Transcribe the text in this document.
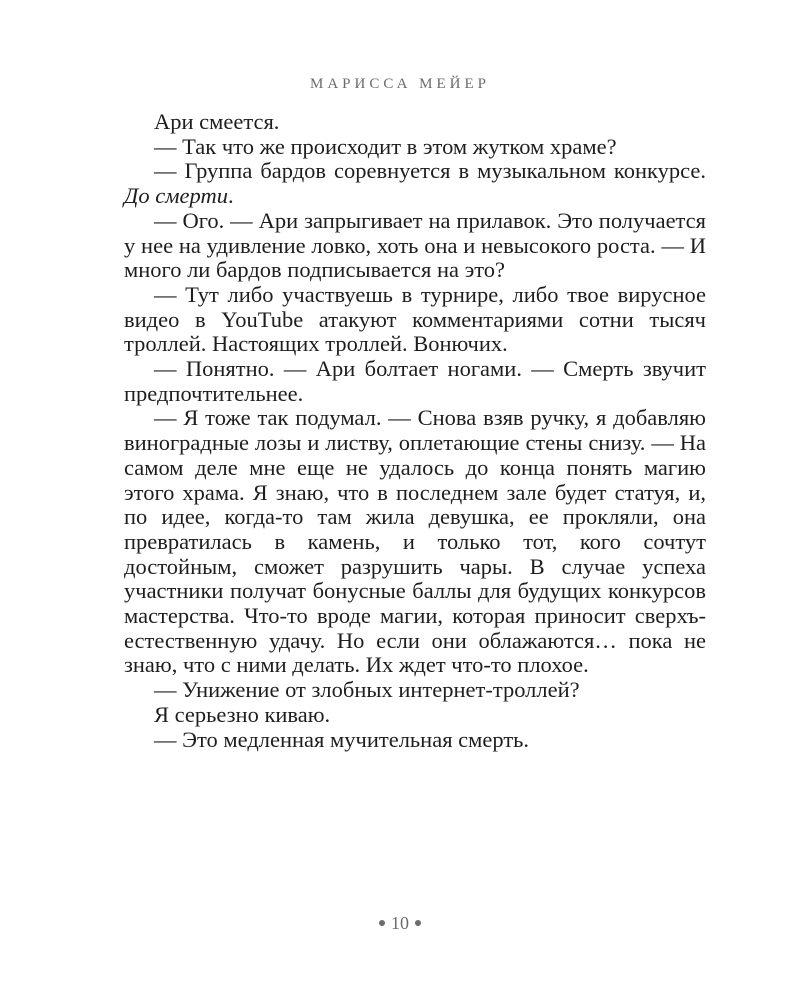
МАРИССА МЕЙЕР

Ари смеется.

— Так что же происходит в этом жутком храме?

— Группа бардов соревнуется в музыкальном конкурсе. До смерти.

— Ого. — Ари запрыгивает на прилавок. Это получается у нее на удивление ловко, хоть она и невысокого роста. — И много ли бардов подписывается на это?

— Тут либо участвуешь в турнире, либо твое вирусное видео в YouTube атакуют комментариями сотни тысяч троллей. Настоящих троллей. Вонючих.

— Понятно. — Ари болтает ногами. — Смерть звучит предпочтительнее.

— Я тоже так подумал. — Снова взяв ручку, я добавляю виноградные лозы и листву, оплетающие стены снизу. — На самом деле мне еще не удалось до конца понять магию этого храма. Я знаю, что в последнем зале будет статуя, и, по идее, когда-то там жила девушка, ее прокляли, она превратилась в камень, и только тот, кого сочтут достойным, сможет разрушить чары. В случае успеха участники получат бонусные баллы для будущих конкурсов мастерства. Что-то вроде магии, которая приносит сверхъестественную удачу. Но если они облажаются… пока не знаю, что с ними делать. Их ждет что-то плохое.

— Унижение от злобных интернет-троллей?

Я серьезно киваю.

— Это медленная мучительная смерть.

10
